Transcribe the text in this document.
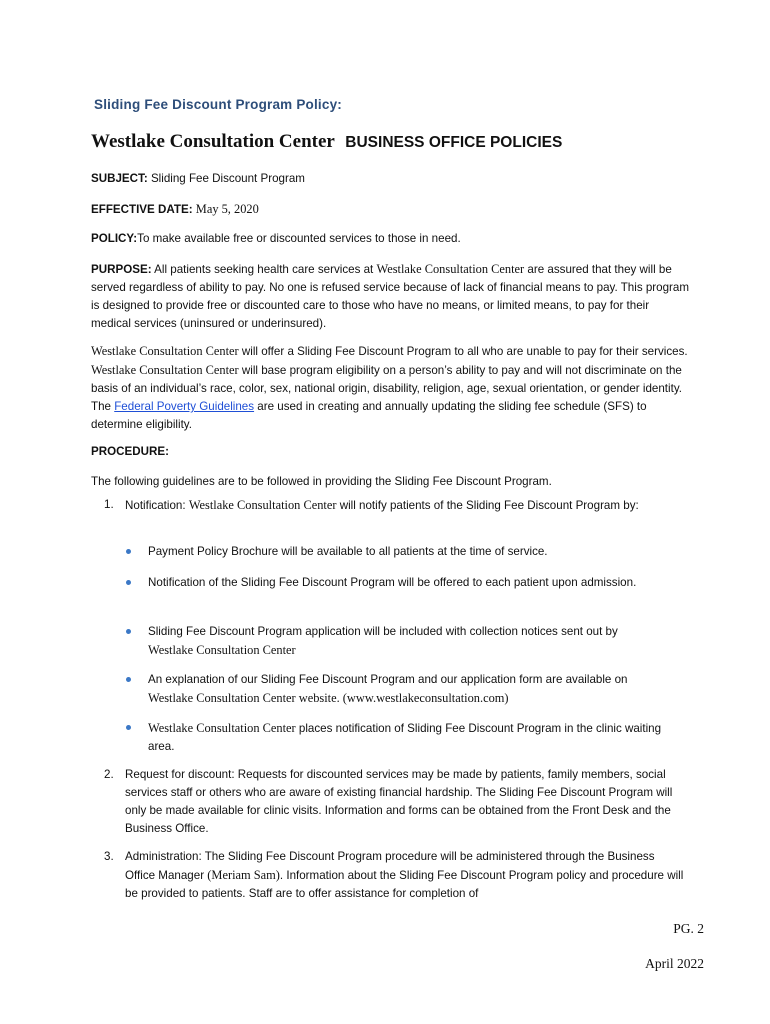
Sliding Fee Discount Program Policy:
Westlake Consultation Center BUSINESS OFFICE POLICIES
SUBJECT: Sliding Fee Discount Program
EFFECTIVE DATE: May 5, 2020
POLICY:To make available free or discounted services to those in need.
PURPOSE: All patients seeking health care services at Westlake Consultation Center are assured that they will be served regardless of ability to pay. No one is refused service because of lack of financial means to pay. This program is designed to provide free or discounted care to those who have no means, or limited means, to pay for their medical services (uninsured or underinsured).
Westlake Consultation Center will offer a Sliding Fee Discount Program to all who are unable to pay for their services. Westlake Consultation Center will base program eligibility on a person’s ability to pay and will not discriminate on the basis of an individual’s race, color, sex, national origin, disability, religion, age, sexual orientation, or gender identity. The Federal Poverty Guidelines are used in creating and annually updating the sliding fee schedule (SFS) to determine eligibility.
PROCEDURE:
The following guidelines are to be followed in providing the Sliding Fee Discount Program.
1. Notification: Westlake Consultation Center will notify patients of the Sliding Fee Discount Program by:
Payment Policy Brochure will be available to all patients at the time of service.
Notification of the Sliding Fee Discount Program will be offered to each patient upon admission.
Sliding Fee Discount Program application will be included with collection notices sent out by
Westlake Consultation Center
An explanation of our Sliding Fee Discount Program and our application form are available on
Westlake Consultation Center website. (www.westlakeconsultation.com)
Westlake Consultation Center places notification of Sliding Fee Discount Program in the clinic waiting area.
2. Request for discount: Requests for discounted services may be made by patients, family members, social services staff or others who are aware of existing financial hardship. The Sliding Fee Discount Program will only be made available for clinic visits. Information and forms can be obtained from the Front Desk and the Business Office.
3. Administration: The Sliding Fee Discount Program procedure will be administered through the Business Office Manager (Meriam Sam). Information about the Sliding Fee Discount Program policy and procedure will be provided to patients. Staff are to offer assistance for completion of
PG. 2
April 2022
